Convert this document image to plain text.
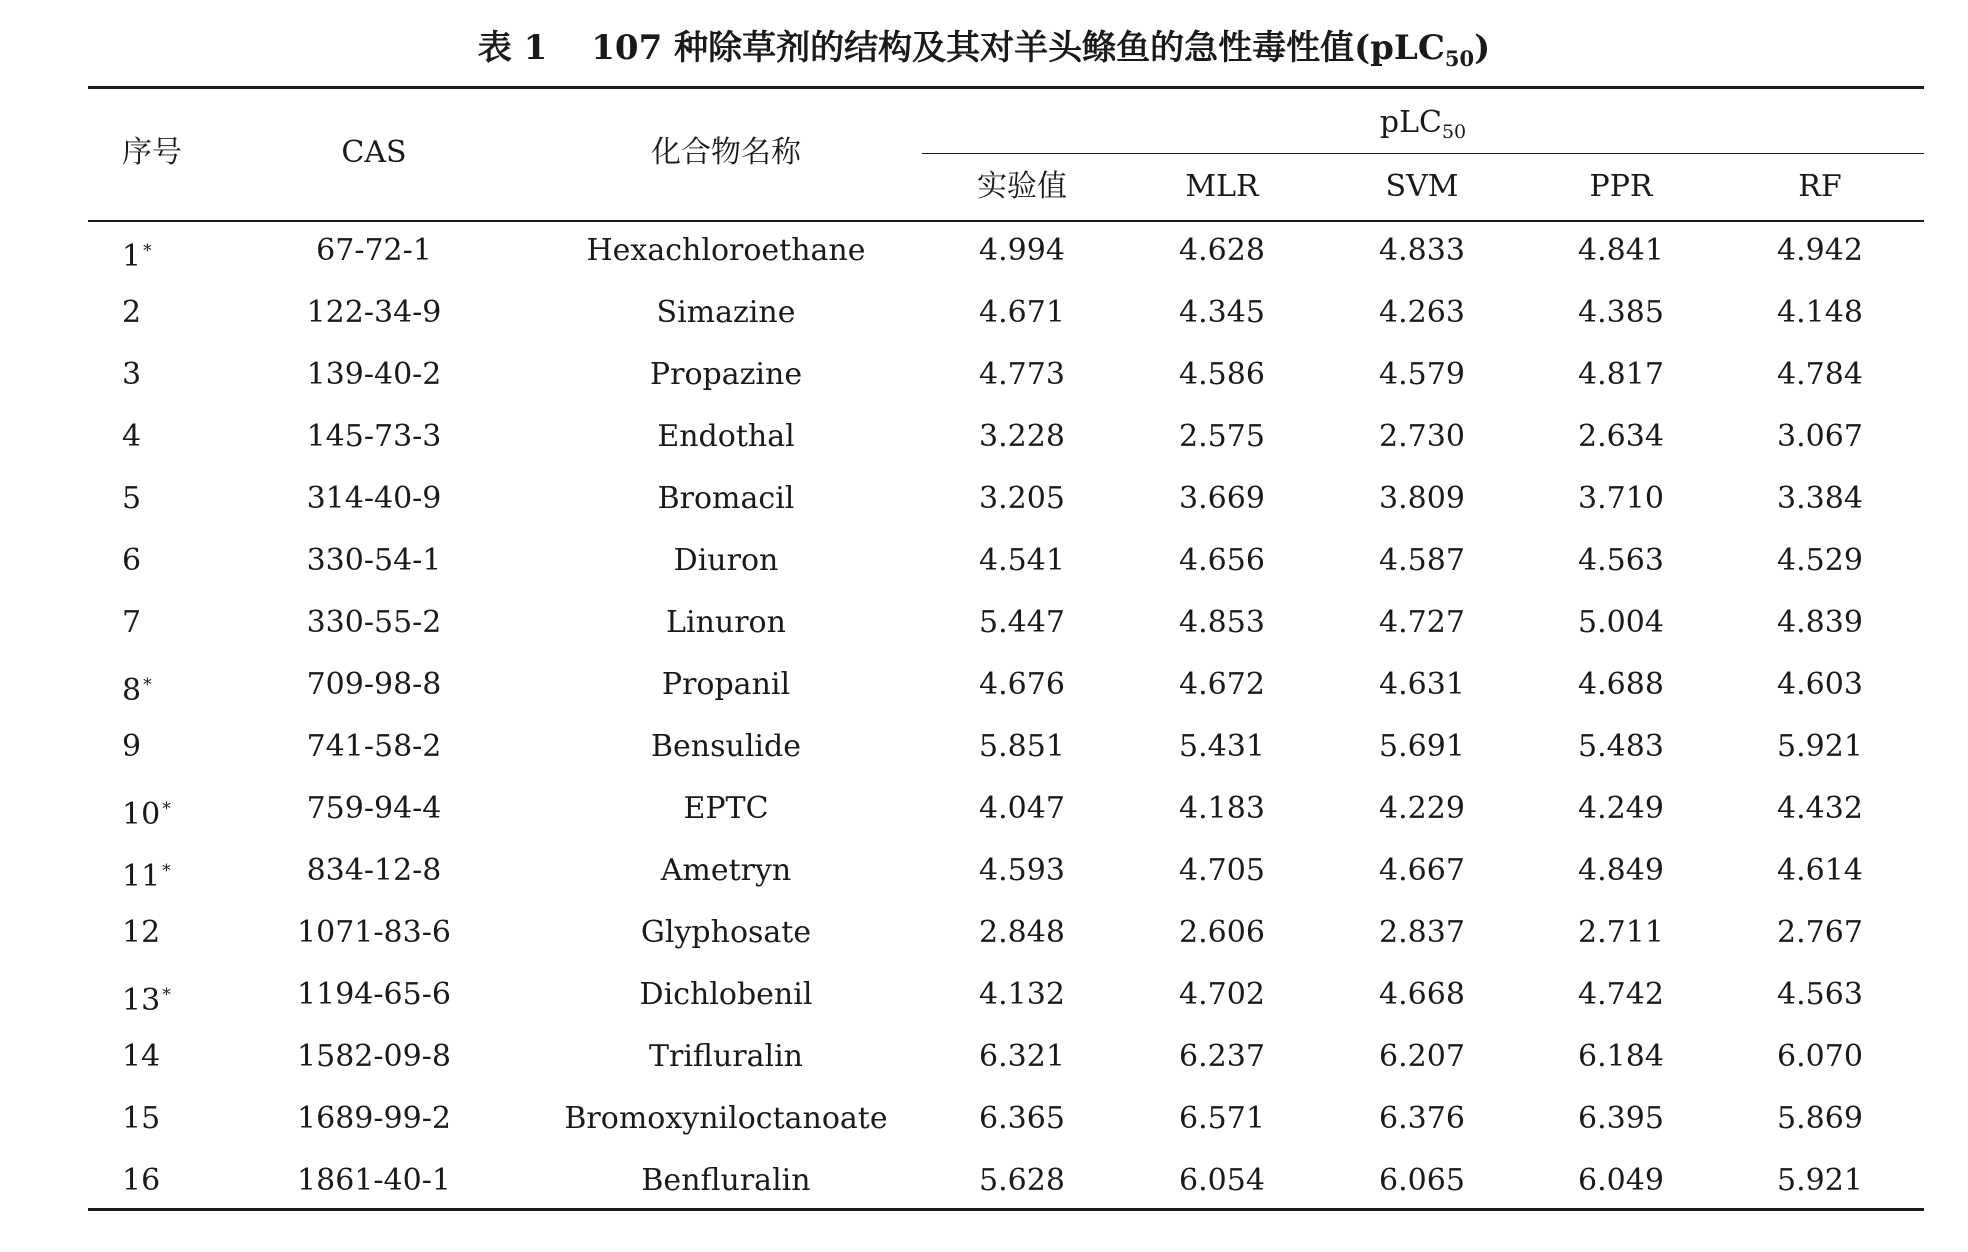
表 1 107 种除草剂的结构及其对羊头鲦鱼的急性毒性值(pLC$_{50}$)
序号	CAS	化合物名称
pLC$_{50}$
实验值	MLR	SVM	PPR	RF
1 *	67-72-1	Hexachloroethane	4.994	4.628	4.833	4.841	4.942
2	122-34-9	Simazine	4.671	4.345	4.263	4.385	4.148
3	139-40-2	Propazine	4.773	4.586	4.579	4.817	4.784
4	145-73-3	Endothal	3.228	2.575	2.730	2.634	3.067
5	314-40-9	Bromacil	3.205	3.669	3.809	3.710	3.384
6	330-54-1	Diuron	4.541	4.656	4.587	4.563	4.529
7	330-55-2	Linuron	5.447	4.853	4.727	5.004	4.839
8 *	709-98-8	Propanil	4.676	4.672	4.631	4.688	4.603
9	741-58-2	Bensulide	5.851	5.431	5.691	5.483	5.921
10 *	759-94-4	EPTC	4.047	4.183	4.229	4.249	4.432
11 *	834-12-8	Ametryn	4.593	4.705	4.667	4.849	4.614
12	1071-83-6	Glyphosate	2.848	2.606	2.837	2.711	2.767
13 *	1194-65-6	Dichlobenil	4.132	4.702	4.668	4.742	4.563
14	1582-09-8	Trifluralin	6.321	6.237	6.207	6.184	6.070
15	1689-99-2	Bromoxyniloctanoate	6.365	6.571	6.376	6.395	5.869
16	1861-40-1	Benfluralin	5.628	6.054	6.065	6.049	5.921
